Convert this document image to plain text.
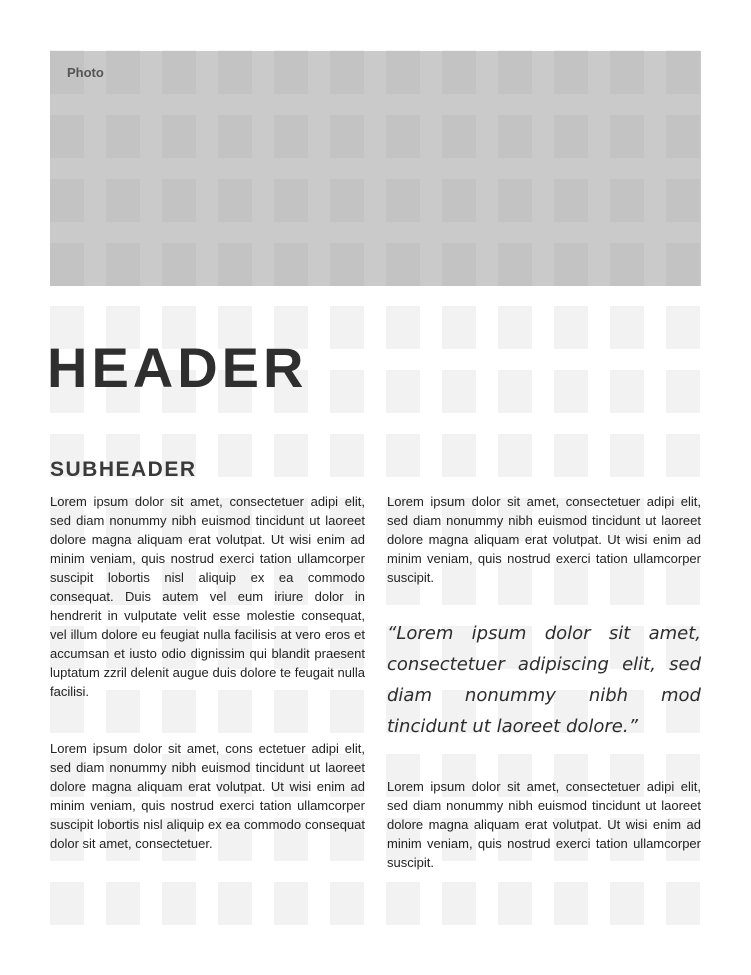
Photo
HEADER
SUBHEADER

Lorem ipsum dolor sit amet, consectetuer adipi elit, sed diam nonummy nibh euismod tincidunt ut laoreet dolore magna aliquam erat volutpat. Ut wisi enim ad minim veniam, quis nostrud exerci tation ullamcorper suscipit lobortis nisl aliquip ex ea commodo consequat. Duis autem vel eum iriure dolor in hendrerit in vulputate velit esse molestie consequat, vel illum dolore eu feugiat nulla facilisis at vero eros et accumsan et iusto odio dignissim qui blandit praesent luptatum zzril delenit augue duis dolore te feugait nulla facilisi.

Lorem ipsum dolor sit amet, cons ectetuer adipi elit, sed diam nonummy nibh euismod tincidunt ut laoreet dolore magna aliquam erat volutpat. Ut wisi enim ad minim veniam, quis nostrud exerci tation ullamcorper suscipit lobortis nisl aliquip ex ea commodo consequat dolor sit amet, consectetuer.

Lorem ipsum dolor sit amet, consectetuer adipi elit, sed diam nonummy nibh euismod tincidunt ut laoreet dolore magna aliquam erat volutpat. Ut wisi enim ad minim veniam, quis nostrud exerci tation ullamcorper suscipit.

“Lorem ipsum dolor sit amet, consectetuer adipiscing elit, sed diam nonummy nibh mod tincidunt ut laoreet dolore.”

Lorem ipsum dolor sit amet, consectetuer adipi elit, sed diam nonummy nibh euismod tincidunt ut laoreet dolore magna aliquam erat volutpat. Ut wisi enim ad minim veniam, quis nostrud exerci tation ullamcorper suscipit.
